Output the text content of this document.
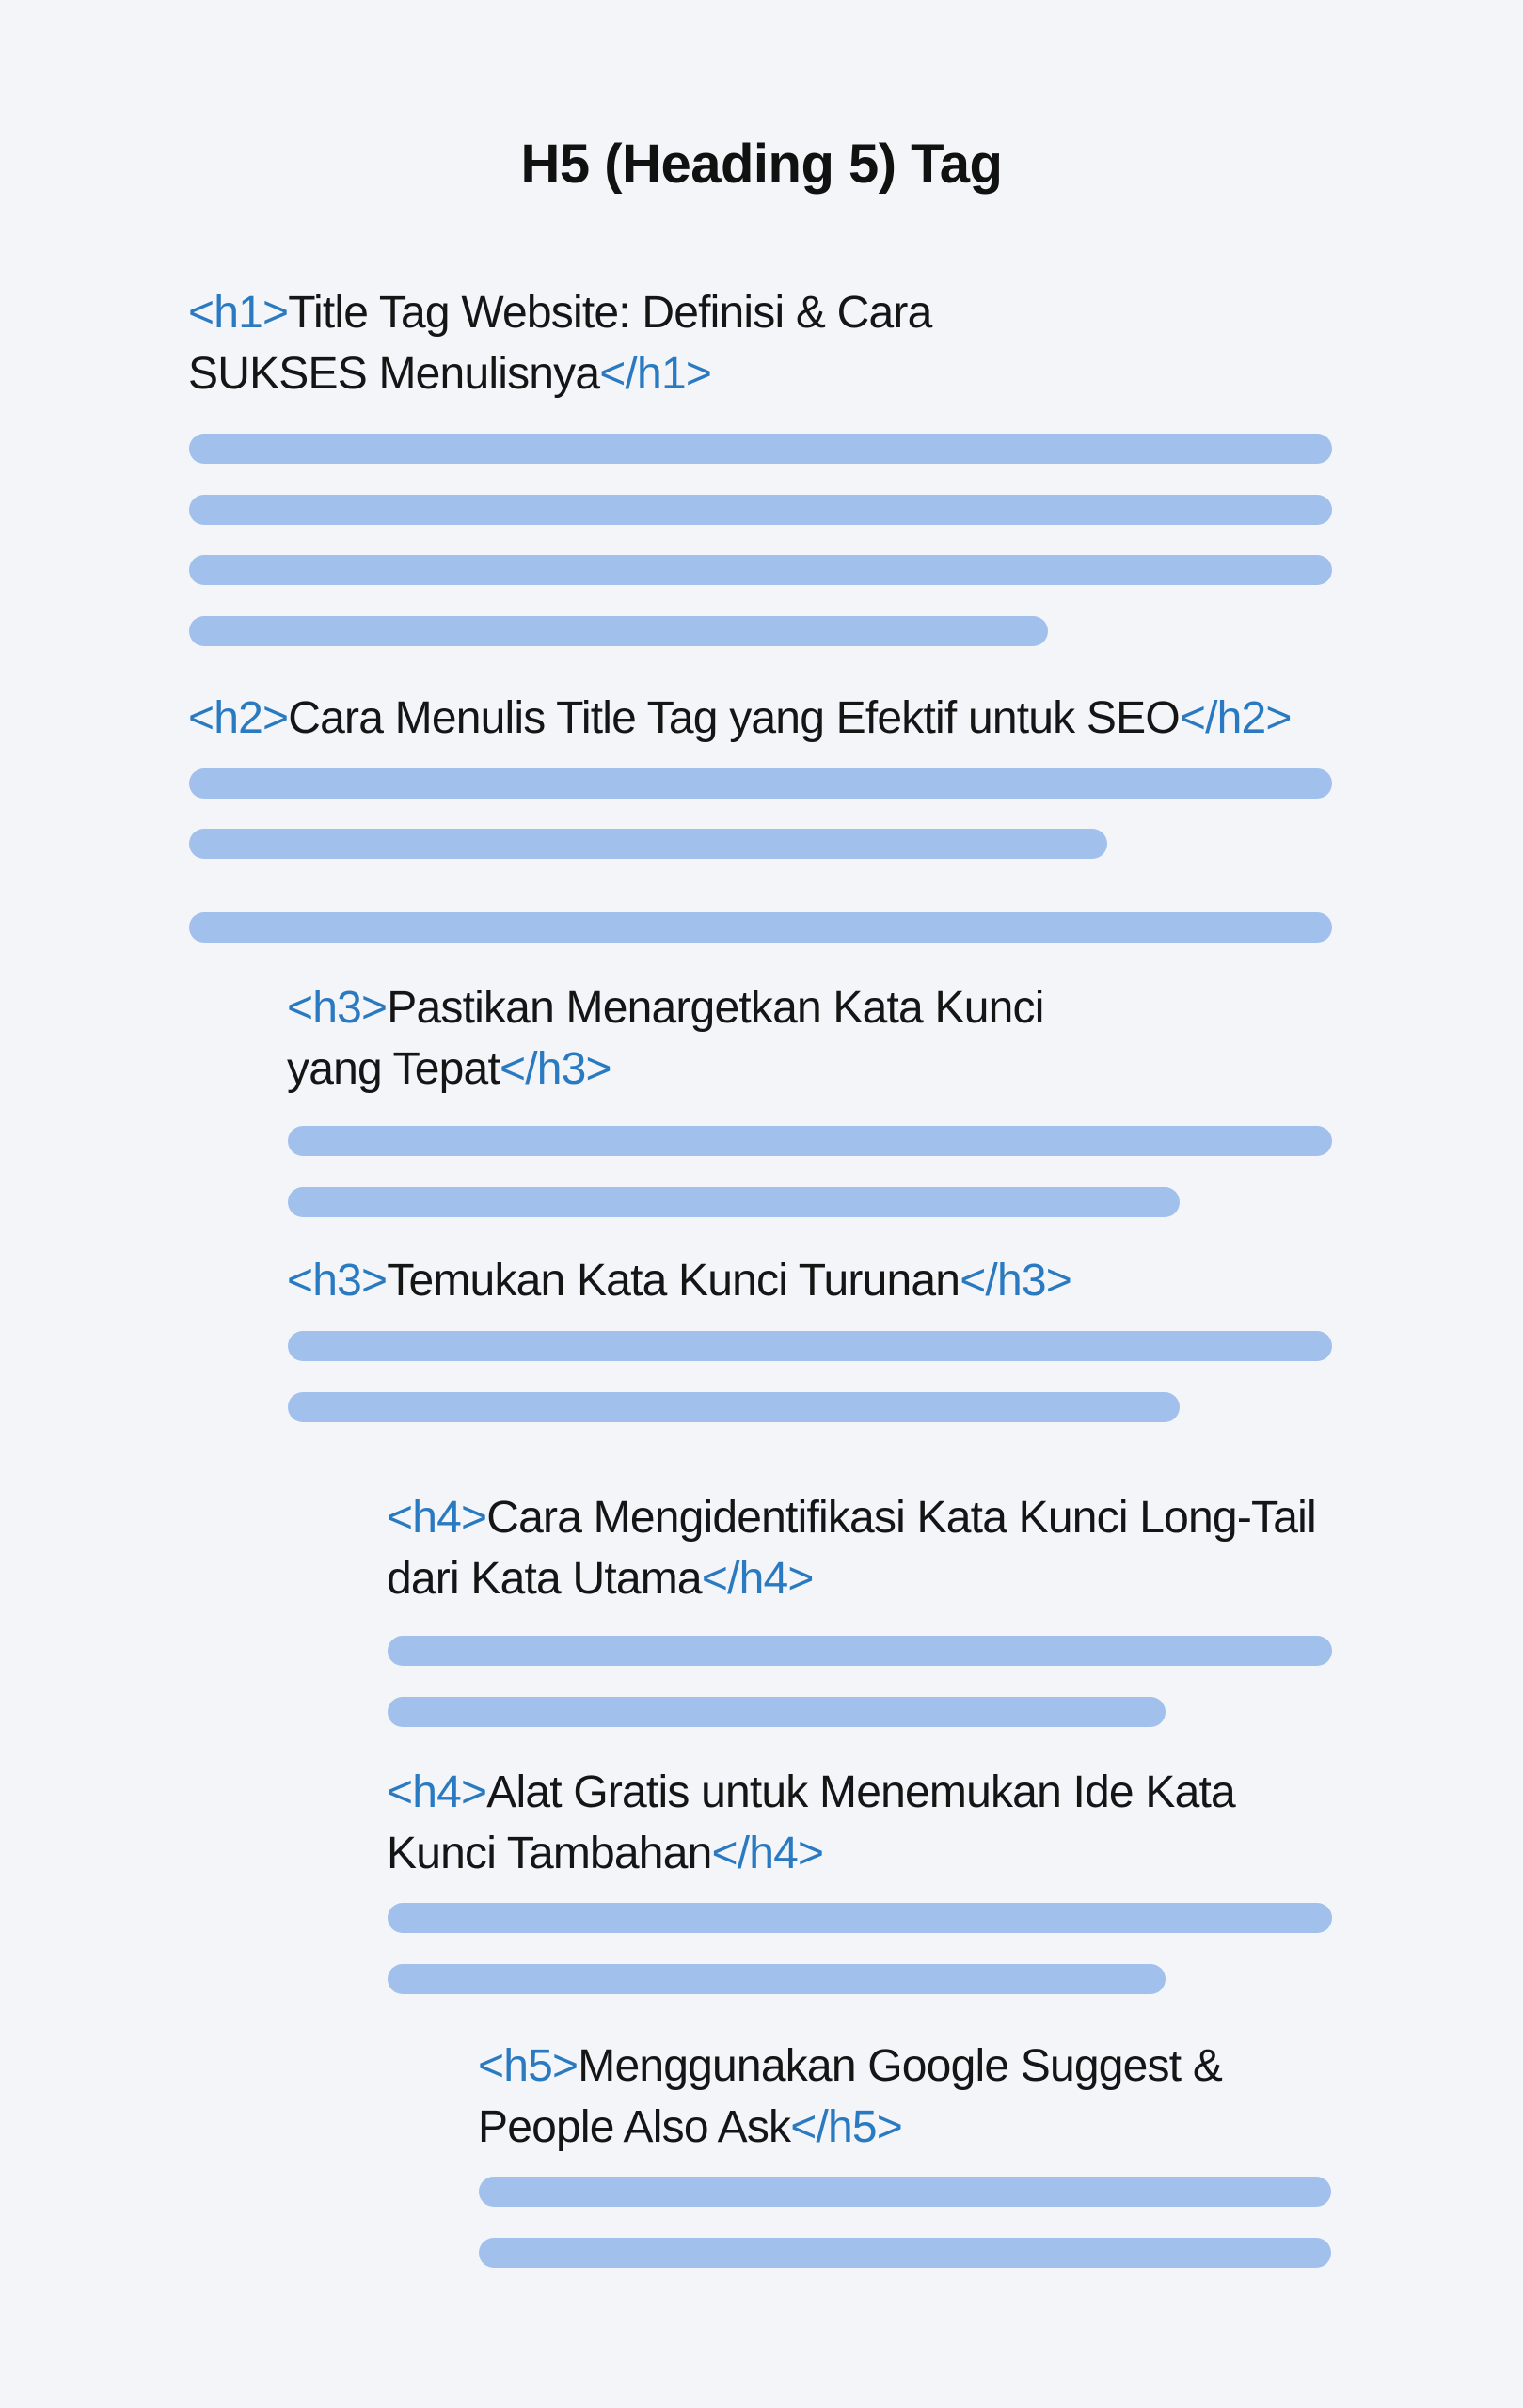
H5 (Heading 5) Tag
<h1>Title Tag Website: Definisi & Cara SUKSES Menulisnya</h1>
<h2>Cara Menulis Title Tag yang Efektif untuk SEO</h2>
<h3>Pastikan Menargetkan Kata Kunci yang Tepat</h3>
<h3>Temukan Kata Kunci Turunan</h3>
<h4>Cara Mengidentifikasi Kata Kunci Long-Tail dari Kata Utama</h4>
<h4>Alat Gratis untuk Menemukan Ide Kata Kunci Tambahan</h4>
<h5>Menggunakan Google Suggest & People Also Ask</h5>
